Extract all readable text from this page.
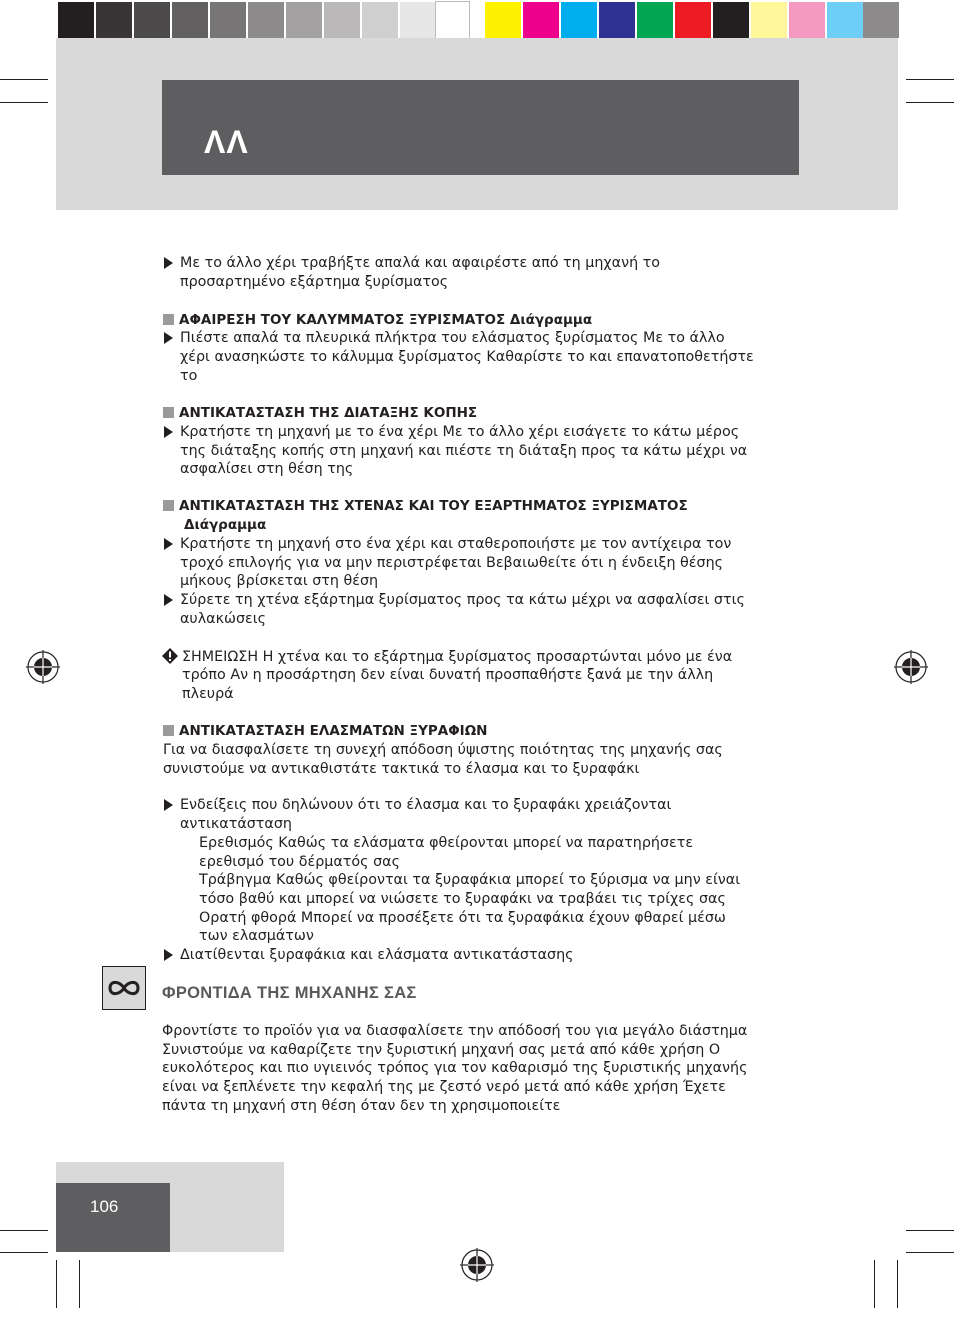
ΛΛ
Με το άλλο χέρι τραβήξτε απαλά και αφαιρέστε από τη μηχανή το
προσαρτημένο εξάρτημα ξυρίσματος
ΑΦΑΙΡΕΣΗ ΤΟΥ ΚΑΛΥΜΜΑΤΟΣ ΞΥΡΙΣΜΑΤΟΣ Διάγραμμα
Πιέστε απαλά τα πλευρικά πλήκτρα του ελάσματος ξυρίσματος Με το άλλο
χέρι ανασηκώστε το κάλυμμα ξυρίσματος Καθαρίστε το και επανατοποθετήστε
το
ΑΝΤΙΚΑΤΑΣΤΑΣΗ ΤΗΣ ΔΙΑΤΑΞΗΣ ΚΟΠΗΣ
Κρατήστε τη μηχανή με το ένα χέρι Με το άλλο χέρι εισάγετε το κάτω μέρος
της διάταξης κοπής στη μηχανή και πιέστε τη διάταξη προς τα κάτω μέχρι να
ασφαλίσει στη θέση της
ΑΝΤΙΚΑΤΑΣΤΑΣΗ ΤΗΣ ΧΤΕΝΑΣ ΚΑΙ ΤΟΥ ΕΞΑΡΤΗΜΑΤΟΣ ΞΥΡΙΣΜΑΤΟΣ
Διάγραμμα
Κρατήστε τη μηχανή στο ένα χέρι και σταθεροποιήστε με τον αντίχειρα τον
τροχό επιλογής για να μην περιστρέφεται Βεβαιωθείτε ότι η ένδειξη θέσης
μήκους βρίσκεται στη θέση
Σύρετε τη χτένα εξάρτημα ξυρίσματος προς τα κάτω μέχρι να ασφαλίσει στις
αυλακώσεις
ΣΗΜΕΙΩΣΗ Η χτένα και το εξάρτημα ξυρίσματος προσαρτώνται μόνο με ένα
τρόπο Αν η προσάρτηση δεν είναι δυνατή προσπαθήστε ξανά με την άλλη
πλευρά
ΑΝΤΙΚΑΤΑΣΤΑΣΗ ΕΛΑΣΜΑΤΩΝ ΞΥΡΑΦΙΩΝ
Για να διασφαλίσετε τη συνεχή απόδοση ύψιστης ποιότητας της μηχανής σας
συνιστούμε να αντικαθιστάτε τακτικά το έλασμα και το ξυραφάκι
Ενδείξεις που δηλώνουν ότι το έλασμα και το ξυραφάκι χρειάζονται
αντικατάσταση
Ερεθισμός Καθώς τα ελάσματα φθείρονται μπορεί να παρατηρήσετε
ερεθισμό του δέρματός σας
Τράβηγμα Καθώς φθείρονται τα ξυραφάκια μπορεί το ξύρισμα να μην είναι
τόσο βαθύ και μπορεί να νιώσετε το ξυραφάκι να τραβάει τις τρίχες σας
Ορατή φθορά Μπορεί να προσέξετε ότι τα ξυραφάκια έχουν φθαρεί μέσω
των ελασμάτων
Διατίθενται ξυραφάκια και ελάσματα αντικατάστασης
ΦΡΟΝΤΙΔΑ ΤΗΣ ΜΗΧΑΝΗΣ ΣΑΣ
Φροντίστε το προϊόν για να διασφαλίσετε την απόδοσή του για μεγάλο διάστημα
Συνιστούμε να καθαρίζετε την ξυριστική μηχανή σας μετά από κάθε χρήση Ο
ευκολότερος και πιο υγιεινός τρόπος για τον καθαρισμό της ξυριστικής μηχανής
είναι να ξεπλένετε την κεφαλή της με ζεστό νερό μετά από κάθε χρήση Έχετε
πάντα τη μηχανή στη θέση όταν δεν τη χρησιμοποιείτε
106
